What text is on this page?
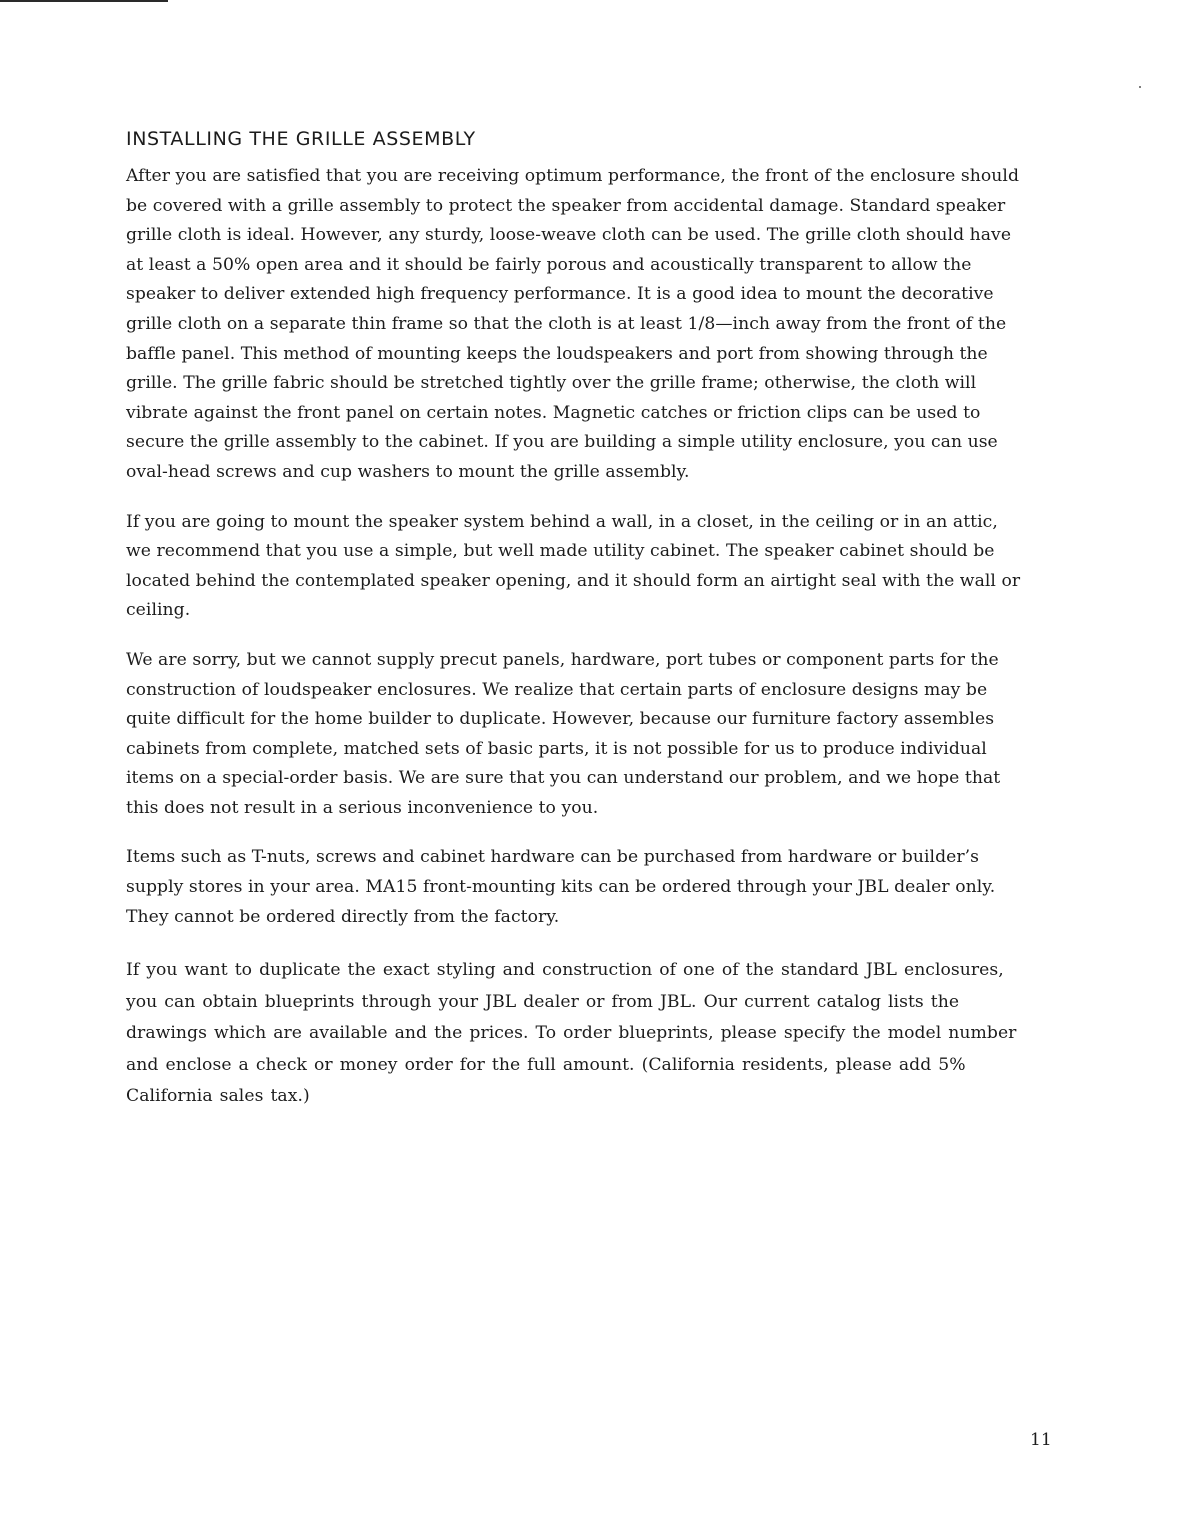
INSTALLING THE GRILLE ASSEMBLY

After you are satisfied that you are receiving optimum performance, the front of the enclosure should be covered with a grille assembly to protect the speaker from accidental damage. Standard speaker grille cloth is ideal. However, any sturdy, loose-weave cloth can be used. The grille cloth should have at least a 50% open area and it should be fairly porous and acoustically transparent to allow the speaker to deliver extended high frequency performance. It is a good idea to mount the decorative grille cloth on a separate thin frame so that the cloth is at least 1/8—inch away from the front of the baffle panel. This method of mounting keeps the loudspeakers and port from showing through the grille. The grille fabric should be stretched tightly over the grille frame; otherwise, the cloth will vibrate against the front panel on certain notes. Magnetic catches or friction clips can be used to secure the grille assembly to the cabinet. If you are building a simple utility enclosure, you can use oval-head screws and cup washers to mount the grille assembly.

If you are going to mount the speaker system behind a wall, in a closet, in the ceiling or in an attic, we recommend that you use a simple, but well made utility cabinet. The speaker cabinet should be located behind the contemplated speaker opening, and it should form an airtight seal with the wall or ceiling.

We are sorry, but we cannot supply precut panels, hardware, port tubes or component parts for the construction of loudspeaker enclosures. We realize that certain parts of enclosure designs may be quite difficult for the home builder to duplicate. However, because our furniture factory assembles cabinets from complete, matched sets of basic parts, it is not possible for us to produce individual items on a special-order basis. We are sure that you can understand our problem, and we hope that this does not result in a serious inconvenience to you.

Items such as T-nuts, screws and cabinet hardware can be purchased from hardware or builder’s supply stores in your area. MA15 front-mounting kits can be ordered through your JBL dealer only. They cannot be ordered directly from the factory.

If you want to duplicate the exact styling and construction of one of the standard JBL enclosures, you can obtain blueprints through your JBL dealer or from JBL. Our current catalog lists the drawings which are available and the prices. To order blueprints, please specify the model number and enclose a check or money order for the full amount. (California residents, please add 5% California sales tax.)

11
